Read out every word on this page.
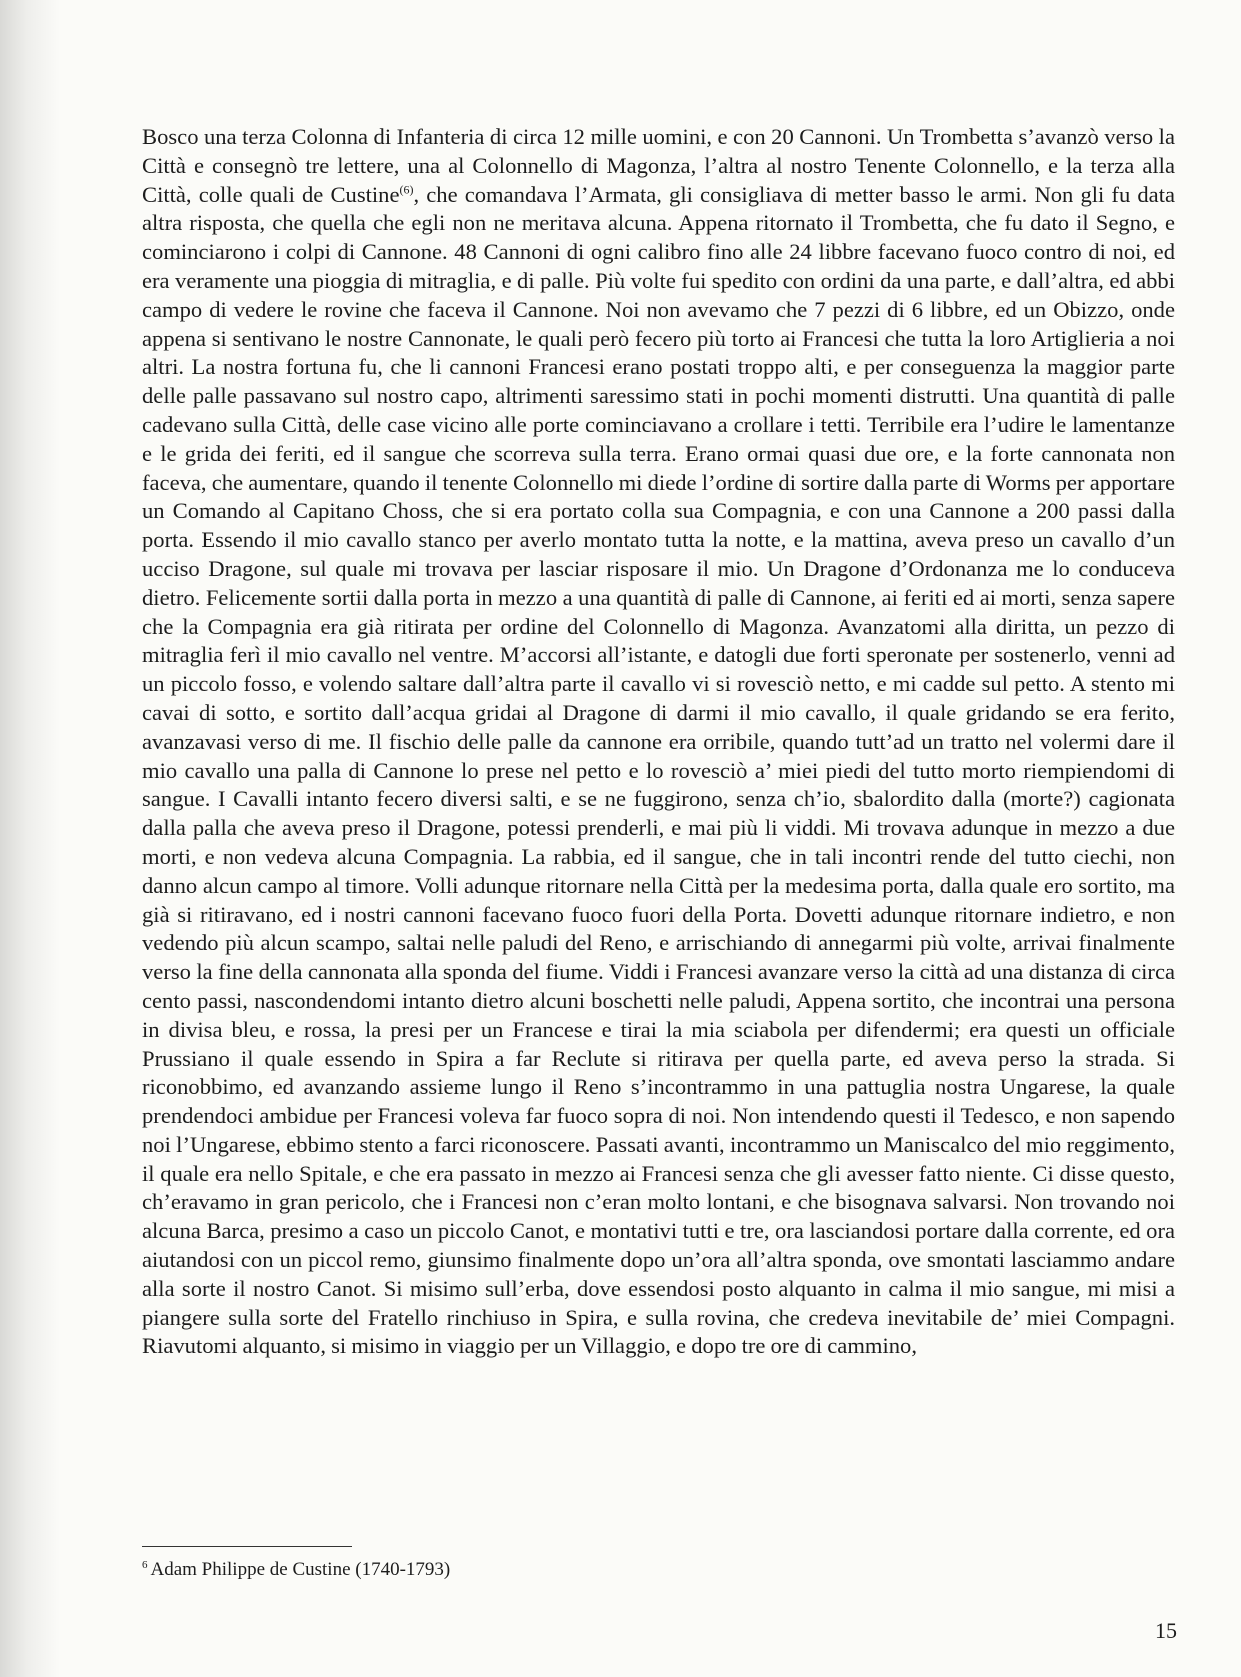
Bosco una terza Colonna di Infanteria di circa 12 mille uomini, e con 20 Cannoni. Un Trombetta s’avanzò verso la Città e consegnò tre lettere, una al Colonnello di Magonza, l’altra al nostro Tenente Colonnello, e la terza alla Città, colle quali de Custine$^{(6)}$, che comandava l’Armata, gli consigliava di metter basso le armi. Non gli fu data altra risposta, che quella che egli non ne meritava alcuna. Appena ritornato il Trombetta, che fu dato il Segno, e cominciarono i colpi di Cannone. 48 Cannoni di ogni calibro fino alle 24 libbre facevano fuoco contro di noi, ed era veramente una pioggia di mitraglia, e di palle. Più volte fui spedito con ordini da una parte, e dall’altra, ed abbi campo di vedere le rovine che faceva il Cannone. Noi non avevamo che 7 pezzi di 6 libbre, ed un Obizzo, onde appena si sentivano le nostre Cannonate, le quali però fecero più torto ai Francesi che tutta la loro Artiglieria a noi altri. La nostra fortuna fu, che li cannoni Francesi erano postati troppo alti, e per conseguenza la maggior parte delle palle passavano sul nostro capo, altrimenti saressimo stati in pochi momenti distrutti. Una quantità di palle cadevano sulla Città, delle case vicino alle porte cominciavano a crollare i tetti. Terribile era l’udire le lamentanze e le grida dei feriti, ed il sangue che scorreva sulla terra. Erano ormai quasi due ore, e la forte cannonata non faceva, che aumentare, quando il tenente Colonnello mi diede l’ordine di sortire dalla parte di Worms per apportare un Comando al Capitano Choss, che si era portato colla sua Compagnia, e con una Cannone a 200 passi dalla porta. Essendo il mio cavallo stanco per averlo montato tutta la notte, e la mattina, aveva preso un cavallo d’un ucciso Dragone, sul quale mi trovava per lasciar risposare il mio. Un Dragone d’Ordonanza me lo conduceva dietro. Felicemente sortii dalla porta in mezzo a una quantità di palle di Cannone, ai feriti ed ai morti, senza sapere che la Compagnia era già ritirata per ordine del Colonnello di Magonza. Avanzatomi alla diritta, un pezzo di mitraglia ferì il mio cavallo nel ventre. M’accorsi all’istante, e datogli due forti speronate per sostenerlo, venni ad un piccolo fosso, e volendo saltare dall’altra parte il cavallo vi si rovesciò netto, e mi cadde sul petto. A stento mi cavai di sotto, e sortito dall’acqua gridai al Dragone di darmi il mio cavallo, il quale gridando se era ferito, avanzavasi verso di me. Il fischio delle palle da cannone era orribile, quando tutt’ad un tratto nel volermi dare il mio cavallo una palla di Cannone lo prese nel petto e lo rovesciò a’ miei piedi del tutto morto riempiendomi di sangue. I Cavalli intanto fecero diversi salti, e se ne fuggirono, senza ch’io, sbalordito dalla (morte?) cagionata dalla palla che aveva preso il Dragone, potessi prenderli, e mai più li viddi. Mi trovava adunque in mezzo a due morti, e non vedeva alcuna Compagnia. La rabbia, ed il sangue, che in tali incontri rende del tutto ciechi, non danno alcun campo al timore. Volli adunque ritornare nella Città per la medesima porta, dalla quale ero sortito, ma già si ritiravano, ed i nostri cannoni facevano fuoco fuori della Porta. Dovetti adunque ritornare indietro, e non vedendo più alcun scampo, saltai nelle paludi del Reno, e arrischiando di annegarmi più volte, arrivai finalmente verso la fine della cannonata alla sponda del fiume. Viddi i Francesi avanzare verso la città ad una distanza di circa cento passi, nascondendomi intanto dietro alcuni boschetti nelle paludi, Appena sortito, che incontrai una persona in divisa bleu, e rossa, la presi per un Francese e tirai la mia sciabola per difendermi; era questi un officiale Prussiano il quale essendo in Spira a far Reclute si ritirava per quella parte, ed aveva perso la strada. Si riconobbimo, ed avanzando assieme lungo il Reno s’incontrammo in una pattuglia nostra Ungarese, la quale prendendoci ambidue per Francesi voleva far fuoco sopra di noi. Non intendendo questi il Tedesco, e non sapendo noi l’Ungarese, ebbimo stento a farci riconoscere. Passati avanti, incontrammo un Maniscalco del mio reggimento, il quale era nello Spitale, e che era passato in mezzo ai Francesi senza che gli avesser fatto niente. Ci disse questo, ch’eravamo in gran pericolo, che i Francesi non c’eran molto lontani, e che bisognava salvarsi. Non trovando noi alcuna Barca, presimo a caso un piccolo Canot, e montativi tutti e tre, ora lasciandosi portare dalla corrente, ed ora aiutandosi con un piccol remo, giunsimo finalmente dopo un’ora all’altra sponda, ove smontati lasciammo andare alla sorte il nostro Canot. Si misimo sull’erba, dove essendosi posto alquanto in calma il mio sangue, mi misi a piangere sulla sorte del Fratello rinchiuso in Spira, e sulla rovina, che credeva inevitabile de’ miei Compagni. Riavutomi alquanto, si misimo in viaggio per un Villaggio, e dopo tre ore di cammino,

$^6$ Adam Philippe de Custine (1740-1793)
15
